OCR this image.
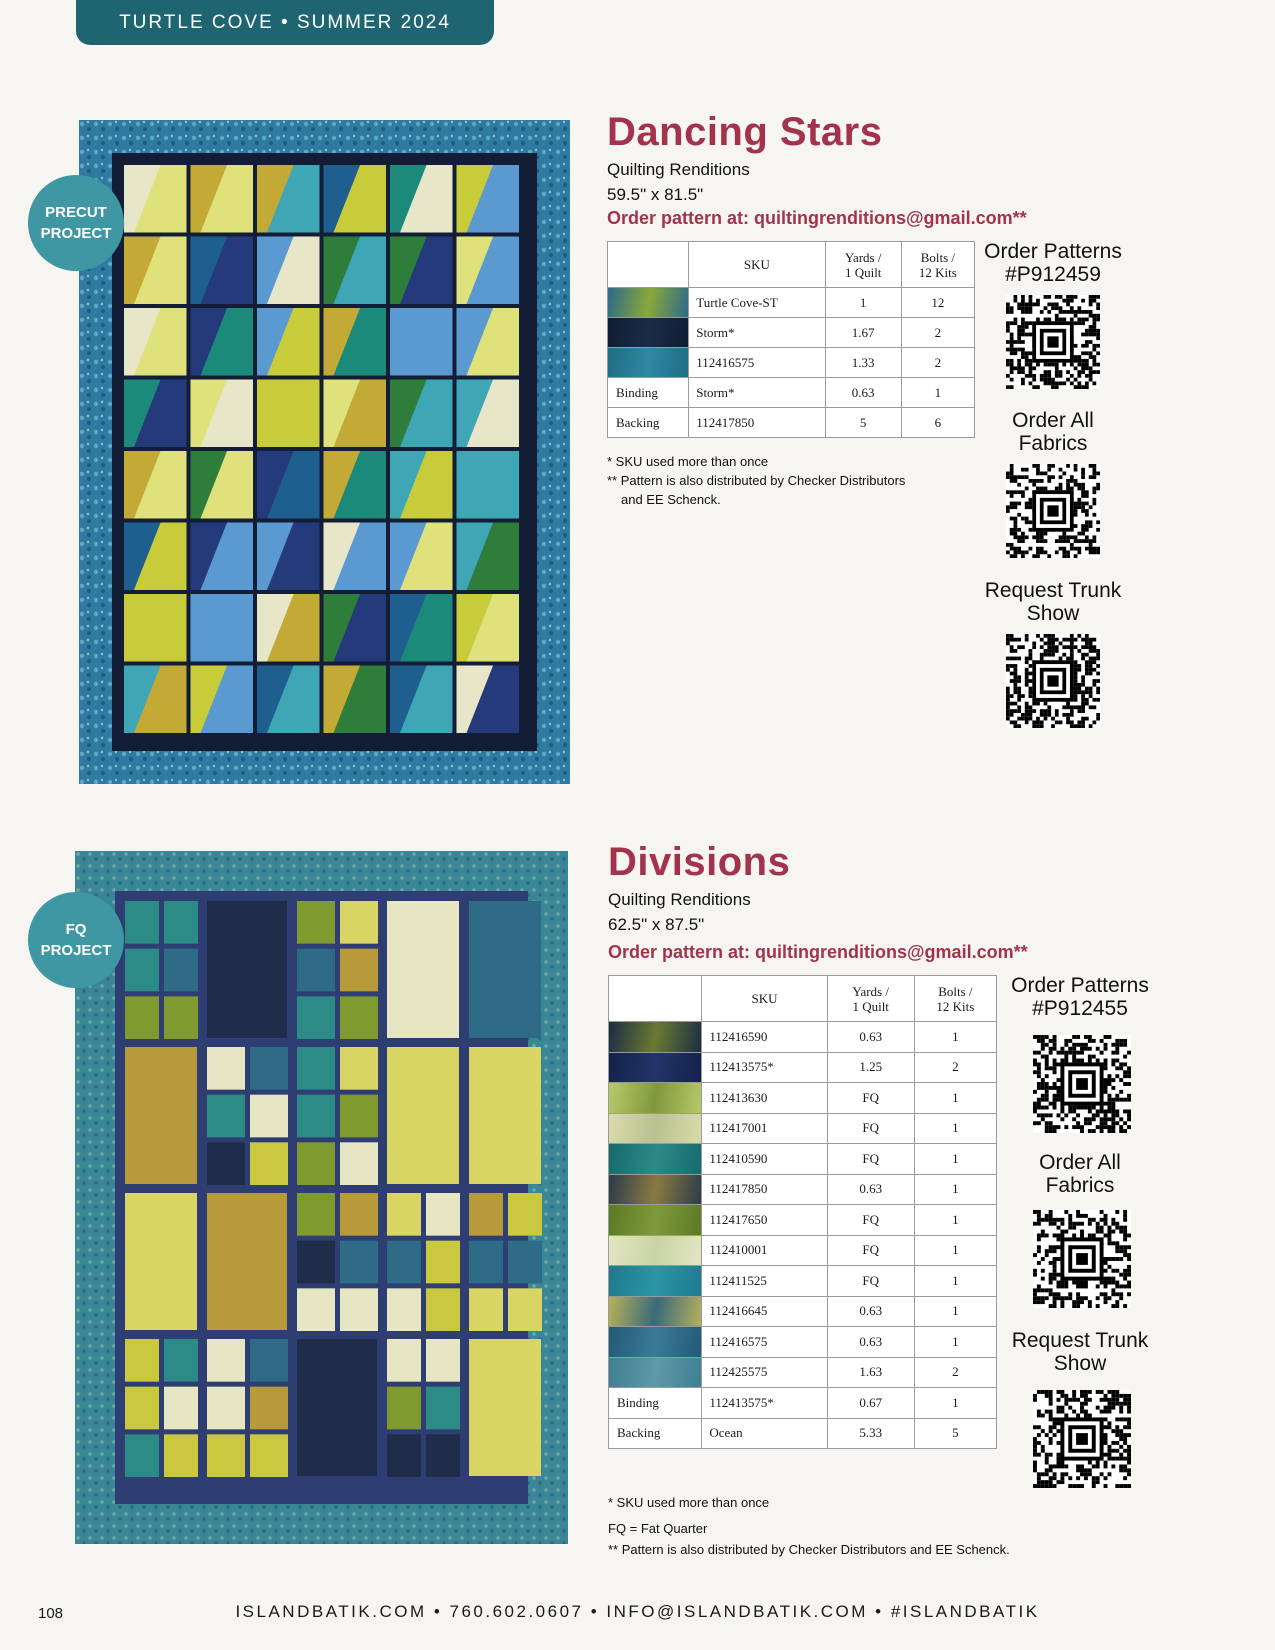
TURTLE COVE • SUMMER 2024
PRECUT
PROJECT
Dancing Stars
Quilting Renditions
59.5" x 81.5"
Order pattern at: quiltingrenditions@gmail.com**
	SKU	Yards /
1 Quilt	Bolts /
12 Kits
	Turtle Cove-ST	1	12
	Storm*	1.67	2
	112416575	1.33	2
Binding	Storm*	0.63	1
Backing	112417850	5	6
* SKU used more than once
** Pattern is also distributed by Checker Distributors
and EE Schenck.
Order Patterns
#P912459
Order All
Fabrics
Request Trunk
Show
FQ
PROJECT
Divisions
Quilting Renditions
62.5" x 87.5"
Order pattern at: quiltingrenditions@gmail.com**
	SKU	Yards /
1 Quilt	Bolts /
12 Kits
	112416590	0.63	1
	112413575*	1.25	2
	112413630	FQ	1
	112417001	FQ	1
	112410590	FQ	1
	112417850	0.63	1
	112417650	FQ	1
	112410001	FQ	1
	112411525	FQ	1
	112416645	0.63	1
	112416575	0.63	1
	112425575	1.63	2
Binding	112413575*	0.67	1
Backing	Ocean	5.33	5
* SKU used more than once
FQ = Fat Quarter
** Pattern is also distributed by Checker Distributors and EE Schenck.
Order Patterns
#P912455
Order All
Fabrics
Request Trunk
Show
108	ISLANDBATIK.COM • 760.602.0607 • INFO@ISLANDBATIK.COM • #ISLANDBATIK
